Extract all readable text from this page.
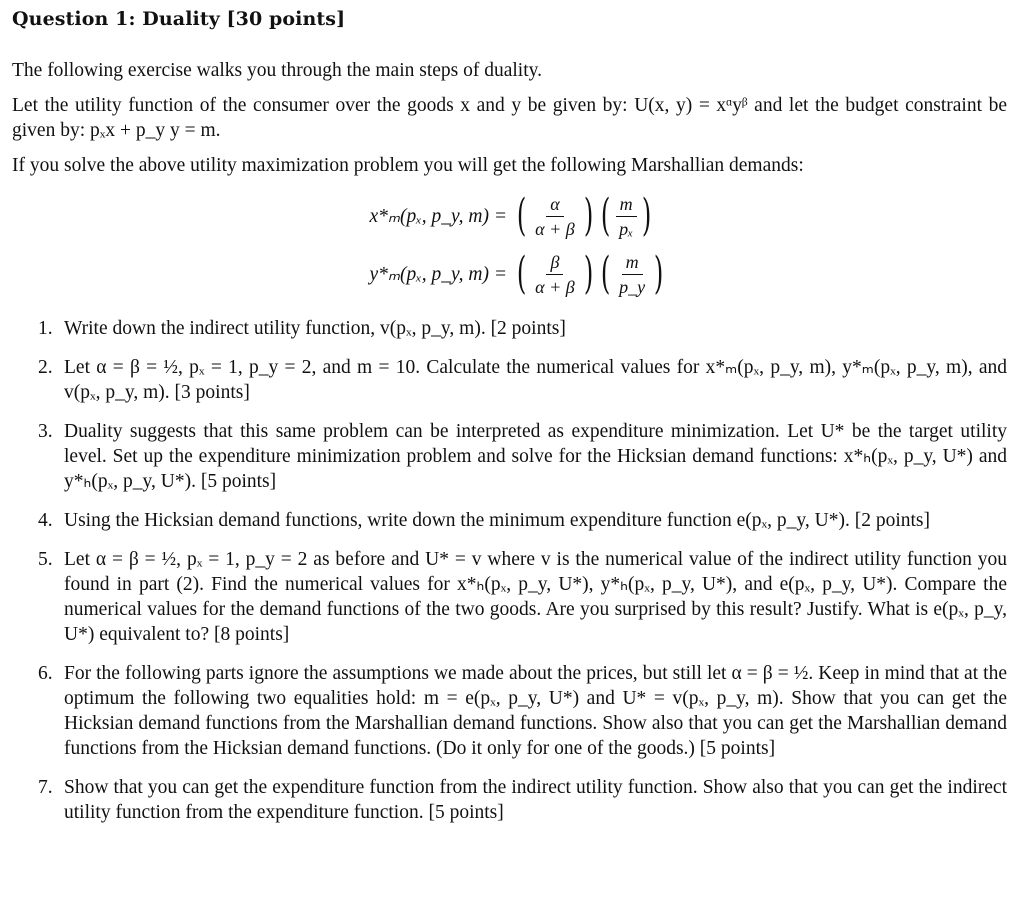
Question 1: Duality [30 points]

The following exercise walks you through the main steps of duality.

Let the utility function of the consumer over the goods x and y be given by: U(x, y) = xᵅyᵝ and let the budget constraint be given by: pₓx + p_y y = m.

If you solve the above utility maximization problem you will get the following Marshallian demands:

x*ₘ(pₓ, p_y, m) = ( $\frac{\alpha}{\alpha + \beta}$ ) ( $\frac{m}{\text{pₓ}}$ )
y*ₘ(pₓ, p_y, m) = ( $\frac{\beta}{\alpha + \beta}$ ) ( $\frac{m}{p\_y}$ )
1. Write down the indirect utility function, v(pₓ, p_y, m). [2 points]
2. Let α = β = ½, pₓ = 1, p_y = 2, and m = 10. Calculate the numerical values for x*ₘ(pₓ, p_y, m), y*ₘ(pₓ, p_y, m), and v(pₓ, p_y, m). [3 points]
3. Duality suggests that this same problem can be interpreted as expenditure minimization. Let U* be the target utility level. Set up the expenditure minimization problem and solve for the Hicksian demand functions: x*ₕ(pₓ, p_y, U*) and y*ₕ(pₓ, p_y, U*). [5 points]
4. Using the Hicksian demand functions, write down the minimum expenditure function e(pₓ, p_y, U*). [2 points]
5. Let α = β = ½, pₓ = 1, p_y = 2 as before and U* = v where v is the numerical value of the indirect utility function you found in part (2). Find the numerical values for x*ₕ(pₓ, p_y, U*), y*ₕ(pₓ, p_y, U*), and e(pₓ, p_y, U*). Compare the numerical values for the demand functions of the two goods. Are you surprised by this result? Justify. What is e(pₓ, p_y, U*) equivalent to? [8 points]
6. For the following parts ignore the assumptions we made about the prices, but still let α = β = ½. Keep in mind that at the optimum the following two equalities hold: m = e(pₓ, p_y, U*) and U* = v(pₓ, p_y, m). Show that you can get the Hicksian demand functions from the Marshallian demand functions. Show also that you can get the Marshallian demand functions from the Hicksian demand functions. (Do it only for one of the goods.) [5 points]
7. Show that you can get the expenditure function from the indirect utility function. Show also that you can get the indirect utility function from the expenditure function. [5 points]
